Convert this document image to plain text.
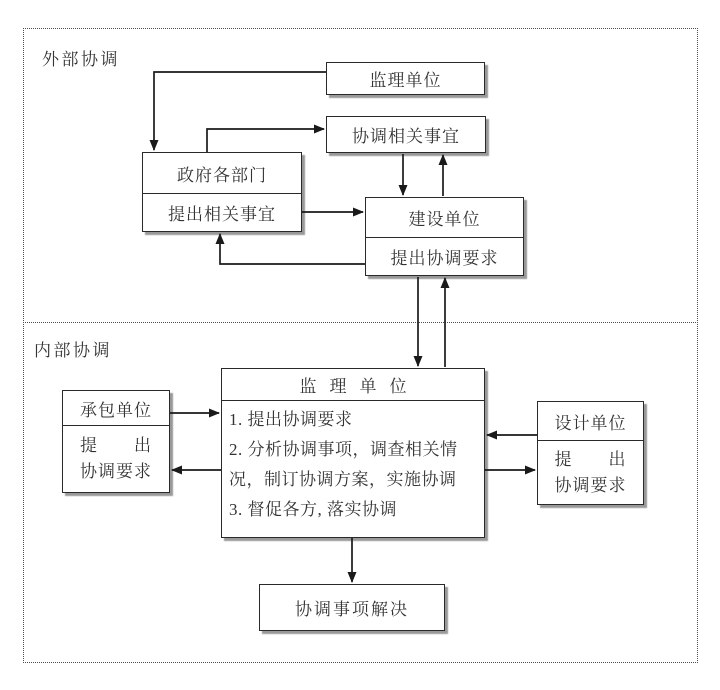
外部协调
内部协调
监理单位
协调相关事宜
政府各部门
提出相关事宜	建设单位
提出协调要求
承包单位
提　　出
协调要求
监理单位
1. 提出协调要求
2. 分析协调事项，调查相关情况，制订协调方案，实施协调
3. 督促各方, 落实协调
设计单位
提　　出
协调要求
协调事项解决
